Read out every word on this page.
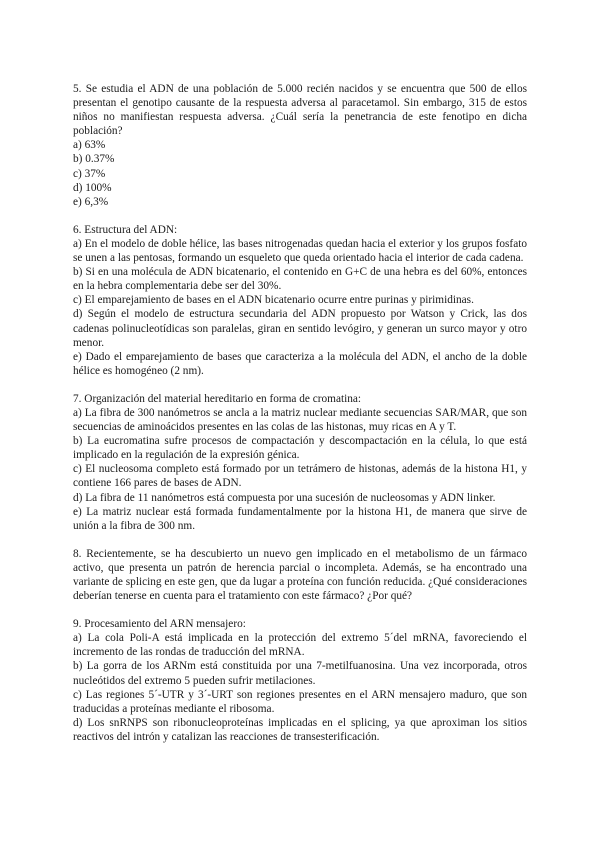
5. Se estudia el ADN de una población de 5.000 recién nacidos y se encuentra que 500 de ellos presentan el genotipo causante de la respuesta adversa al paracetamol. Sin embargo, 315 de estos niños no manifiestan respuesta adversa. ¿Cuál sería la penetrancia de este fenotipo en dicha población?

a) 63%
b) 0.37%
c) 37%
d) 100%
e) 6,3%

6. Estructura del ADN:

a) En el modelo de doble hélice, las bases nitrogenadas quedan hacia el exterior y los grupos fosfato se unen a las pentosas, formando un esqueleto que queda orientado hacia el interior de cada cadena.

b) Si en una molécula de ADN bicatenario, el contenido en G+C de una hebra es del 60%, entonces en la hebra complementaria debe ser del 30%.

c) El emparejamiento de bases en el ADN bicatenario ocurre entre purinas y pirimidinas.

d) Según el modelo de estructura secundaria del ADN propuesto por Watson y Crick, las dos cadenas polinucleotídicas son paralelas, giran en sentido levógiro, y generan un surco mayor y otro menor.

e) Dado el emparejamiento de bases que caracteriza a la molécula del ADN, el ancho de la doble hélice es homogéneo (2 nm).

7. Organización del material hereditario en forma de cromatina:

a) La fibra de 300 nanómetros se ancla a la matriz nuclear mediante secuencias SAR/MAR, que son secuencias de aminoácidos presentes en las colas de las histonas, muy ricas en A y T.

b) La eucromatina sufre procesos de compactación y descompactación en la célula, lo que está implicado en la regulación de la expresión génica.

c) El nucleosoma completo está formado por un tetrámero de histonas, además de la histona H1, y contiene 166 pares de bases de ADN.

d) La fibra de 11 nanómetros está compuesta por una sucesión de nucleosomas y ADN linker.

e) La matriz nuclear está formada fundamentalmente por la histona H1, de manera que sirve de unión a la fibra de 300 nm.

8. Recientemente, se ha descubierto un nuevo gen implicado en el metabolismo de un fármaco activo, que presenta un patrón de herencia parcial o incompleta. Además, se ha encontrado una variante de splicing en este gen, que da lugar a proteína con función reducida. ¿Qué consideraciones deberían tenerse en cuenta para el tratamiento con este fármaco? ¿Por qué?

9. Procesamiento del ARN mensajero:

a) La cola Poli-A está implicada en la protección del extremo 5´del mRNA, favoreciendo el incremento de las rondas de traducción del mRNA.

b) La gorra de los ARNm está constituida por una 7-metilfuanosina. Una vez incorporada, otros nucleótidos del extremo 5 pueden sufrir metilaciones.

c) Las regiones 5´-UTR y 3´-URT son regiones presentes en el ARN mensajero maduro, que son traducidas a proteínas mediante el ribosoma.

d) Los snRNPS son ribonucleoproteínas implicadas en el splicing, ya que aproximan los sitios reactivos del intrón y catalizan las reacciones de transesterificación.
